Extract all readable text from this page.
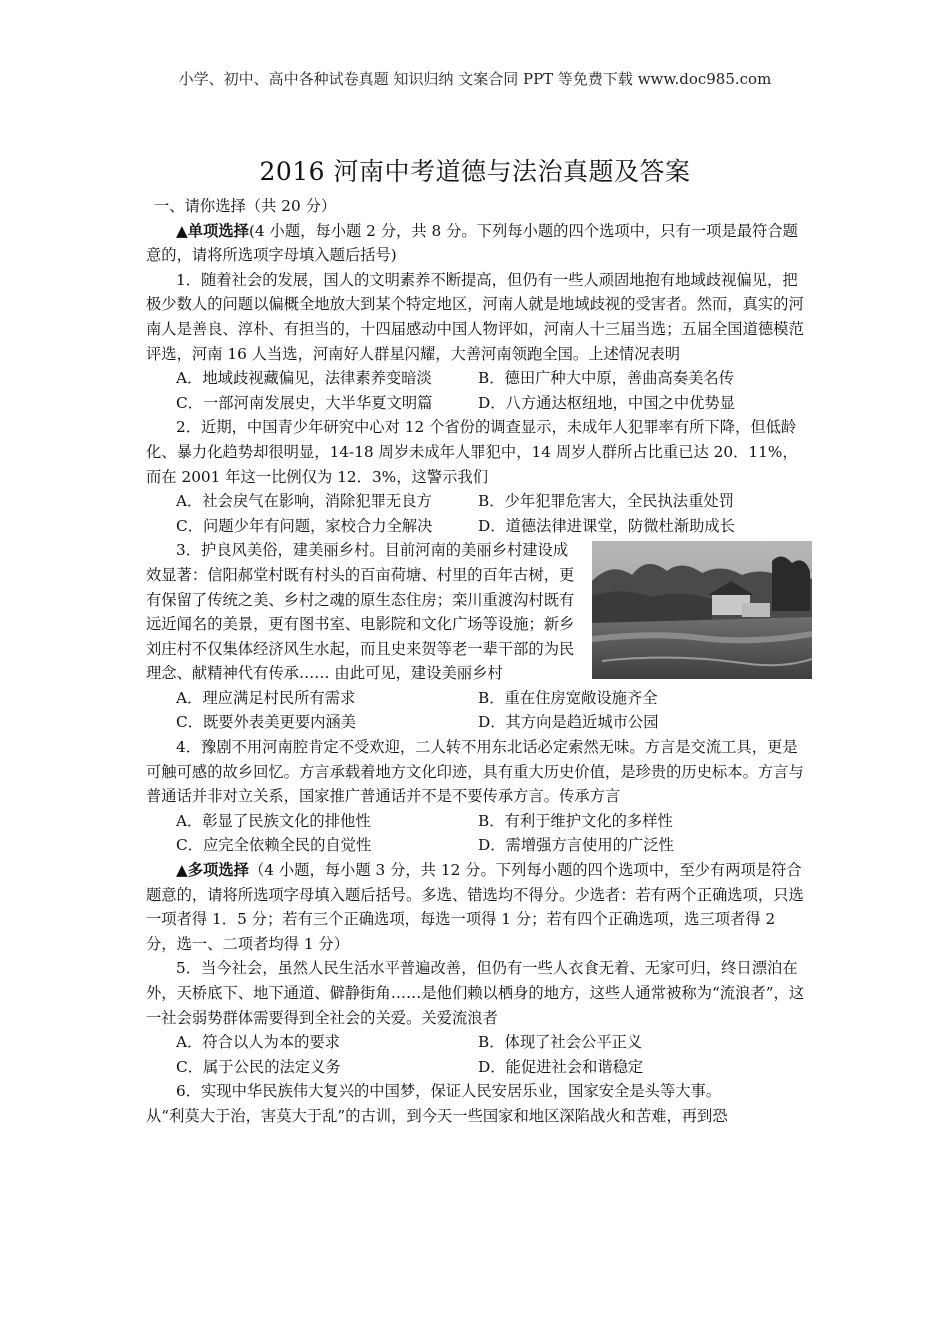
小学、初中、高中各种试卷真题 知识归纳 文案合同 PPT 等免费下载 www.doc985.com
2016 河南中考道德与法治真题及答案

一、请你选择（共 20 分）

▲单项选择(4 小题，每小题 2 分，共 8 分。下列每小题的四个选项中，只有一项是最符合题意的，请将所选项字母填入题后括号)

1．随着社会的发展，国人的文明素养不断提高，但仍有一些人顽固地抱有地域歧视偏见，把极少数人的问题以偏概全地放大到某个特定地区，河南人就是地域歧视的受害者。然而，真实的河南人是善良、淳朴、有担当的，十四届感动中国人物评如，河南人十三届当选；五届全国道德模范评选，河南 16 人当选，河南好人群星闪耀，大善河南领跑全国。上述情况表明

A．地域歧视藏偏见，法律素养变暗淡	B．德田广种大中原，善曲高奏美名传
C．一部河南发展史，大半华夏文明篇	D．八方通达枢纽地，中国之中优势显

2．近期，中国青少年研究中心对 12 个省份的调查显示，未成年人犯罪率有所下降，但低龄化、暴力化趋势却很明显，14-18 周岁未成年人罪犯中，14 周岁人群所占比重已达 20．11%，而在 2001 年这一比例仅为 12．3%，这警示我们

A．社会戾气在影响，消除犯罪无良方	B．少年犯罪危害大，全民执法重处罚
C．问题少年有问题，家校合力全解决	D．道德法律进课堂，防微杜渐助成长

3．护良风美俗，建美丽乡村。目前河南的美丽乡村建设成效显著：信阳郝堂村既有村头的百亩荷塘、村里的百年古树，更有保留了传统之美、乡村之魂的原生态住房；栾川重渡沟村既有远近闻名的美景，更有图书室、电影院和文化广场等设施；新乡刘庄村不仅集体经济风生水起，而且史来贺等老一辈干部的为民理念、献精神代有传承…… 由此可见，建设美丽乡村

A．理应满足村民所有需求	B．重在住房宽敞设施齐全
C．既要外表美更要内涵美	D．其方向是趋近城市公园

4．豫剧不用河南腔肯定不受欢迎，二人转不用东北话必定索然无味。方言是交流工具，更是可触可感的故乡回忆。方言承载着地方文化印迹，具有重大历史价值，是珍贵的历史标本。方言与普通话并非对立关系，国家推广普通话并不是不要传承方言。传承方言

A．彰显了民族文化的排他性	B．有利于维护文化的多样性
C．应完全依赖全民的自觉性	D．需增强方言使用的广泛性

▲多项选择（4 小题，每小题 3 分，共 12 分。下列每小题的四个选项中，至少有两项是符合题意的，请将所选项字母填入题后括号。多选、错选均不得分。少选者：若有两个正确选项，只选一项者得 1．5 分；若有三个正确选项，每选一项得 1 分；若有四个正确选项，选三项者得 2 分，选一、二项者均得 1 分）

5．当今社会，虽然人民生活水平普遍改善，但仍有一些人衣食无着、无家可归，终日漂泊在外，天桥底下、地下通道、僻静街角……是他们赖以栖身的地方，这些人通常被称为“流浪者”，这一社会弱势群体需要得到全社会的关爱。关爱流浪者

A．符合以人为本的要求	B．体现了社会公平正义
C．属于公民的法定义务	D．能促进社会和谐稳定

6．实现中华民族伟大复兴的中国梦，保证人民安居乐业，国家安全是头等大事。

从“利莫大于治，害莫大于乱”的古训，到今天一些国家和地区深陷战火和苦难，再到恐
